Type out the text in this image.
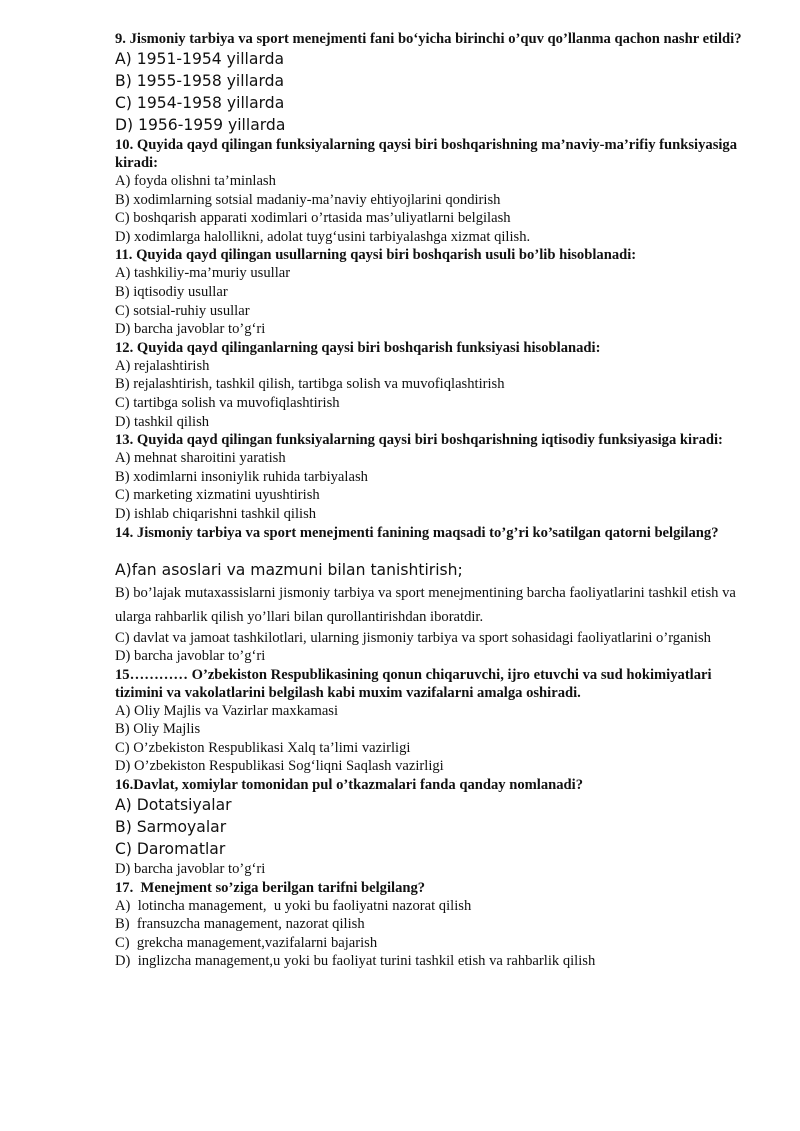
9. Jismoniy tarbiya va sport menejmenti fani bo‘yicha birinchi o’quv qo’llanma qachon nashr etildi?

A) 1951-1954 yillarda

B) 1955-1958 yillarda

C) 1954-1958 yillarda

D) 1956-1959 yillarda

10. Quyida qayd qilingan funksiyalarning qaysi biri boshqarishning ma’naviy-ma’rifiy funksiyasiga kiradi:

A) foyda olishni ta’minlash

B) xodimlarning sotsial madaniy-ma’naviy ehtiyojlarini qondirish

C) boshqarish apparati xodimlari o’rtasida mas’uliyatlarni belgilash

D) xodimlarga halollikni, adolat tuyg‘usini tarbiyalashga xizmat qilish.

11. Quyida qayd qilingan usullarning qaysi biri boshqarish usuli bo’lib hisoblanadi:

A) tashkiliy-ma’muriy usullar

B) iqtisodiy usullar

C) sotsial-ruhiy usullar

D) barcha javoblar to’g‘ri

12. Quyida qayd qilinganlarning qaysi biri boshqarish funksiyasi hisoblanadi:

A) rejalashtirish

B) rejalashtirish, tashkil qilish, tartibga solish va muvofiqlashtirish

C) tartibga solish va muvofiqlashtirish

D) tashkil qilish

13. Quyida qayd qilingan funksiyalarning qaysi biri boshqarishning iqtisodiy funksiyasiga kiradi:

A) mehnat sharoitini yaratish

B) xodimlarni insoniylik ruhida tarbiyalash

C) marketing xizmatini uyushtirish

D) ishlab chiqarishni tashkil qilish

14. Jismoniy tarbiya va sport menejmenti fanining maqsadi to’g’ri ko’satilgan qatorni belgilang?

A)fan asoslari va mazmuni bilan tanishtirish;

B) bo’lajak mutaxassislarni jismoniy tarbiya va sport menejmentining barcha faoliyatlarini tashkil etish va ularga rahbarlik qilish yo’llari bilan qurollantirishdan iboratdir.

C) davlat va jamoat tashkilotlari, ularning jismoniy tarbiya va sport sohasidagi faoliyatlarini o’rganish

D) barcha javoblar to’g‘ri

15………… O’zbekiston Respublikasining qonun chiqaruvchi, ijro etuvchi va sud hokimiyatlari tizimini va vakolatlarini belgilash kabi muxim vazifalarni amalga oshiradi.

A) Oliy Majlis va Vazirlar maxkamasi

B) Oliy Majlis

C) O’zbekiston Respublikasi Xalq ta’limi vazirligi

D) O’zbekiston Respublikasi Sog‘liqni Saqlash vazirligi

16.Davlat, xomiylar tomonidan pul o’tkazmalari fanda qanday nomlanadi?

A) Dotatsiyalar

B) Sarmoyalar

C) Daromatlar

D) barcha javoblar to’g‘ri

17.  Menejment so’ziga berilgan tarifni belgilang?

A)  lotincha management,  u yoki bu faoliyatni nazorat qilish

B)  fransuzcha management, nazorat qilish

C)  grekcha management,vazifalarni bajarish

D)  inglizcha management,u yoki bu faoliyat turini tashkil etish va rahbarlik qilish
